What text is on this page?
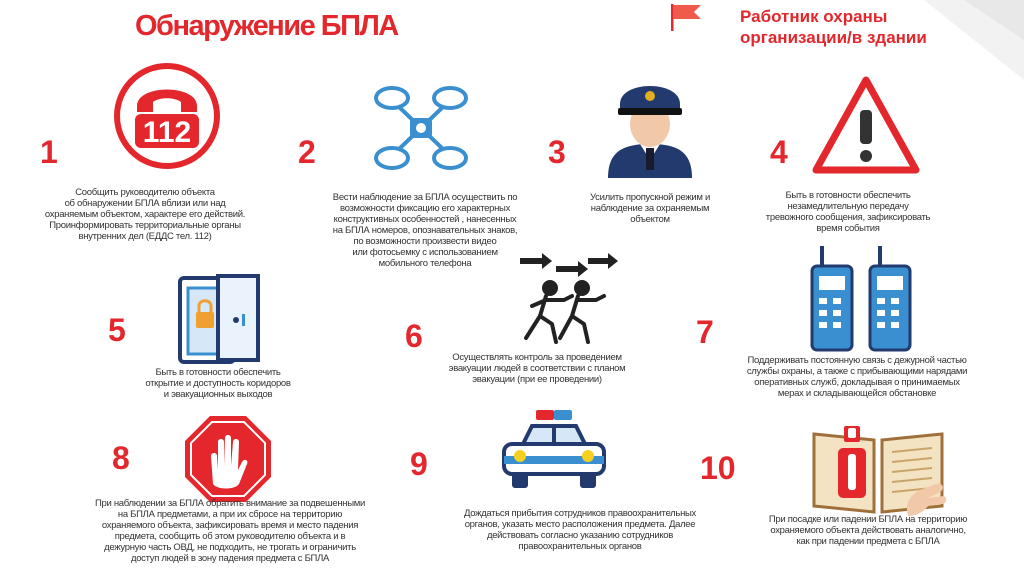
Обнаружение БПЛА	Работник охраны
организации/в здании
1
112
Сообщить руководителю объекта
об обнаружении БПЛА вблизи или над
охраняемым объектом, характере его действий.
Проинформировать территориальные органы
внутренних дел (ЕДДС тел. 112)
2
Вести наблюдение за БПЛА осуществить по
возможности фиксацию его характерных
конструктивных особенностей , нанесенных
на БПЛА номеров, опознавательных знаков,
по возможности произвести видео
или фотосьемку с использованием
мобильного телефона
3
Усилить пропускной режим и
наблюдение за охраняемым
объектом
4
Быть в готовности обеспечить
незамедлительную передачу
тревожного сообщения, зафиксировать
время события
5
Быть в готовности обеспечить
открытие и доступность коридоров
и эвакуационных выходов
6
Осуществлять контроль за проведением
эвакуации людей в соответствии с планом
эвакуации (при ее проведении)
7
Поддерживать постоянную связь с дежурной частью
службы охраны, а также с прибывающими нарядами
оперативных служб, докладывая о принимаемых
мерах и складывающейся обстановке
8
При наблюдении за БПЛА обратить внимание за подвешенными
на БПЛА предметами, а при их сбросе на территорию
охраняемого объекта, зафиксировать время и место падения
предмета, сообщить об этом руководителю объекта и в
дежурную часть ОВД, не подходить, не трогать и ограничить
доступ людей в зону падения предмета с БПЛА
9
Дождаться прибытия сотрудников правоохранительных
органов, указать место расположения предмета. Далее
действовать согласно указанию сотрудников
правоохранительных органов
10
При посадке или падении БПЛА на территорию
охраняемого объекта действовать аналогично,
как при падении предмета с БПЛА
